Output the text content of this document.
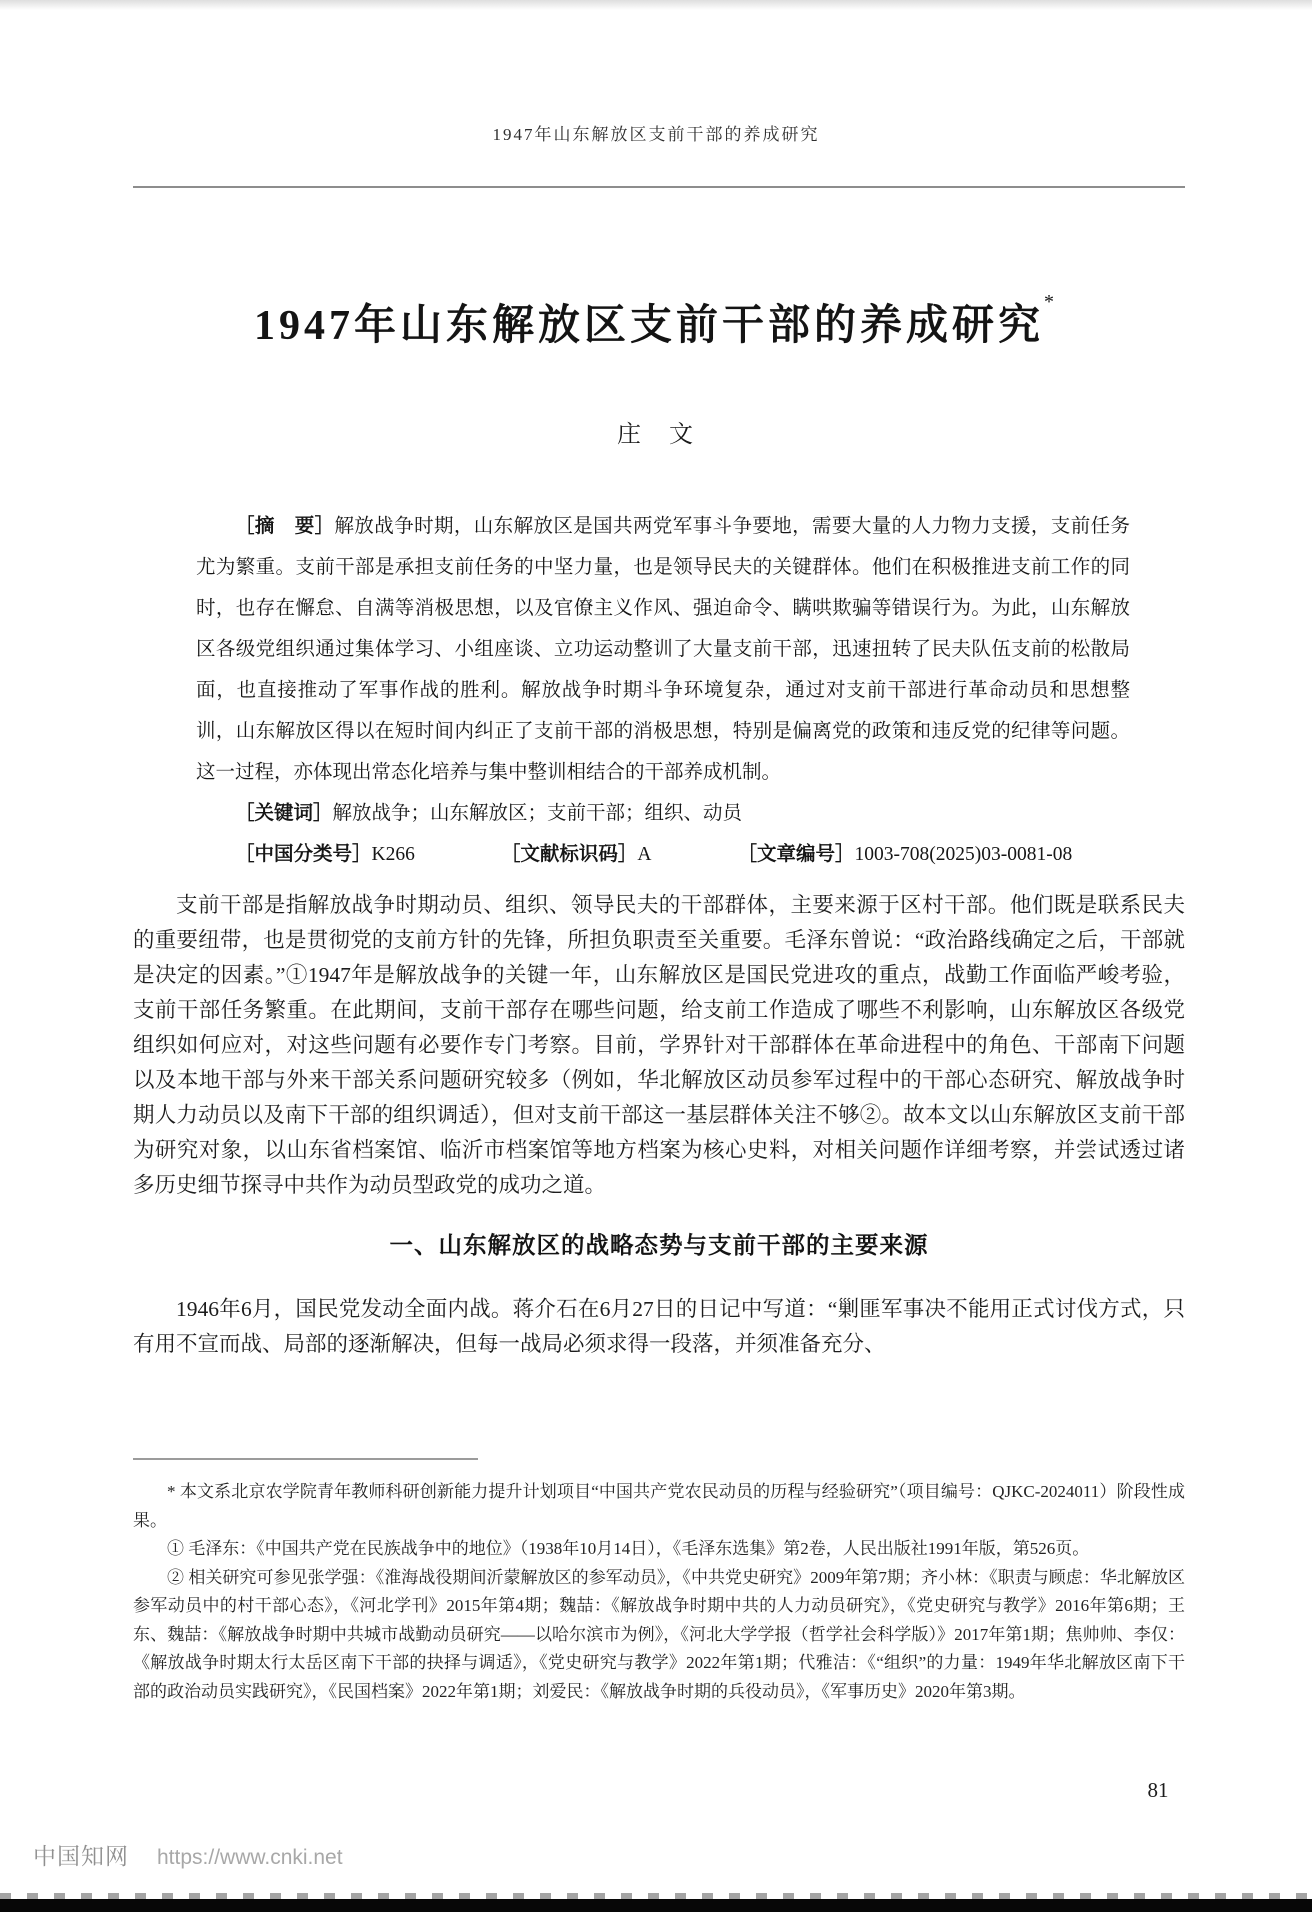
1947年山东解放区支前干部的养成研究
1947年山东解放区支前干部的养成研究*
庄　文

［摘　要］解放战争时期，山东解放区是国共两党军事斗争要地，需要大量的人力物力支援，支前任务尤为繁重。支前干部是承担支前任务的中坚力量，也是领导民夫的关键群体。他们在积极推进支前工作的同时，也存在懈怠、自满等消极思想，以及官僚主义作风、强迫命令、瞒哄欺骗等错误行为。为此，山东解放区各级党组织通过集体学习、小组座谈、立功运动整训了大量支前干部，迅速扭转了民夫队伍支前的松散局面，也直接推动了军事作战的胜利。解放战争时期斗争环境复杂，通过对支前干部进行革命动员和思想整训，山东解放区得以在短时间内纠正了支前干部的消极思想，特别是偏离党的政策和违反党的纪律等问题。这一过程，亦体现出常态化培养与集中整训相结合的干部养成机制。

［关键词］解放战争；山东解放区；支前干部；组织、动员

［中国分类号］K266	［文献标识码］A	［文章编号］1003-708(2025)03-0081-08

支前干部是指解放战争时期动员、组织、领导民夫的干部群体，主要来源于区村干部。他们既是联系民夫的重要纽带，也是贯彻党的支前方针的先锋，所担负职责至关重要。毛泽东曾说：“政治路线确定之后，干部就是决定的因素。”①1947年是解放战争的关键一年，山东解放区是国民党进攻的重点，战勤工作面临严峻考验，支前干部任务繁重。在此期间，支前干部存在哪些问题，给支前工作造成了哪些不利影响，山东解放区各级党组织如何应对，对这些问题有必要作专门考察。目前，学界针对干部群体在革命进程中的角色、干部南下问题以及本地干部与外来干部关系问题研究较多（例如，华北解放区动员参军过程中的干部心态研究、解放战争时期人力动员以及南下干部的组织调适），但对支前干部这一基层群体关注不够②。故本文以山东解放区支前干部为研究对象，以山东省档案馆、临沂市档案馆等地方档案为核心史料，对相关问题作详细考察，并尝试透过诸多历史细节探寻中共作为动员型政党的成功之道。

一、山东解放区的战略态势与支前干部的主要来源

1946年6月，国民党发动全面内战。蒋介石在6月27日的日记中写道：“剿匪军事决不能用正式讨伐方式，只有用不宣而战、局部的逐渐解决，但每一战局必须求得一段落，并须准备充分、

* 本文系北京农学院青年教师科研创新能力提升计划项目“中国共产党农民动员的历程与经验研究”（项目编号：QJKC-2024011）阶段性成果。

① 毛泽东：《中国共产党在民族战争中的地位》（1938年10月14日），《毛泽东选集》第2卷，人民出版社1991年版，第526页。

② 相关研究可参见张学强：《淮海战役期间沂蒙解放区的参军动员》，《中共党史研究》2009年第7期；齐小林：《职责与顾虑：华北解放区参军动员中的村干部心态》，《河北学刊》2015年第4期；魏喆：《解放战争时期中共的人力动员研究》，《党史研究与教学》2016年第6期；王东、魏喆：《解放战争时期中共城市战勤动员研究——以哈尔滨市为例》，《河北大学学报（哲学社会科学版）》2017年第1期；焦帅帅、李仅：《解放战争时期太行太岳区南下干部的抉择与调适》，《党史研究与教学》2022年第1期；代雅洁：《“组织”的力量：1949年华北解放区南下干部的政治动员实践研究》，《民国档案》2022年第1期；刘爱民：《解放战争时期的兵役动员》，《军事历史》2020年第3期。

81
中国知网 https://www.cnki.net
